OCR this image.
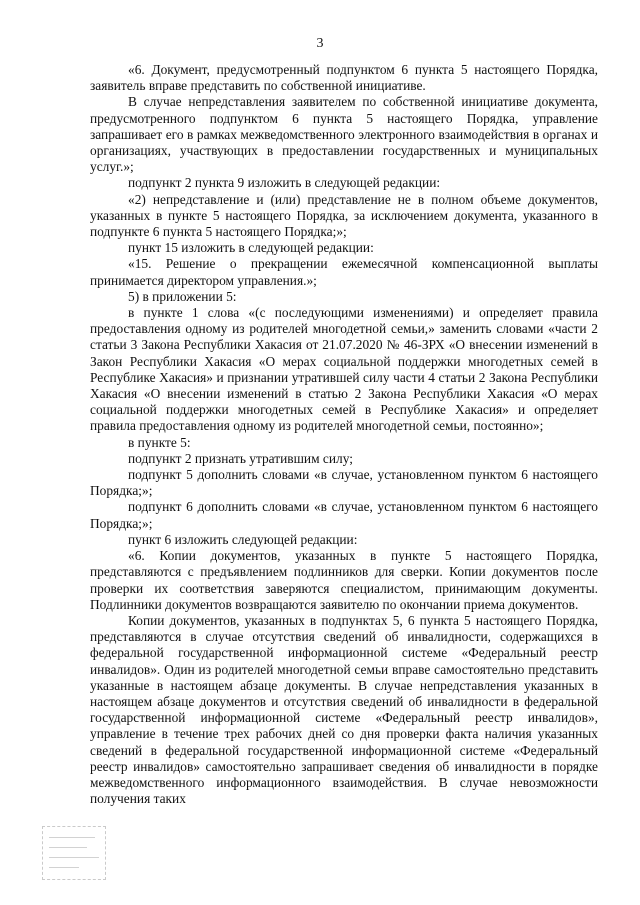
3

«6. Документ, предусмотренный подпунктом 6 пункта 5 настоящего Порядка, заявитель вправе представить по собственной инициативе.

В случае непредставления заявителем по собственной инициативе документа, предусмотренного подпунктом 6 пункта 5 настоящего Порядка, управление запрашивает его в рамках межведомственного электронного взаимодействия в органах и организациях, участвующих в предоставлении государственных и муниципальных услуг.»;

подпункт 2 пункта 9 изложить в следующей редакции:

«2) непредставление и (или) представление не в полном объеме документов, указанных в пункте 5 настоящего Порядка, за исключением документа, указанного в подпункте 6 пункта 5 настоящего Порядка;»;

пункт 15 изложить в следующей редакции:

«15. Решение о прекращении ежемесячной компенсационной выплаты принимается директором управления.»;

5) в приложении 5:

в пункте 1 слова «(с последующими изменениями) и определяет правила предоставления одному из родителей многодетной семьи,» заменить словами «части 2 статьи 3 Закона Республики Хакасия от 21.07.2020 № 46-ЗРХ «О внесении изменений в Закон Республики Хакасия «О мерах социальной поддержки многодетных семей в Республике Хакасия» и признании утратившей силу части 4 статьи 2 Закона Республики Хакасия «О внесении изменений в статью 2 Закона Республики Хакасия «О мерах социальной поддержки многодетных семей в Республике Хакасия» и определяет правила предоставления одному из родителей многодетной семьи, постоянно»;

в пункте 5:

подпункт 2 признать утратившим силу;

подпункт 5 дополнить словами «в случае, установленном пунктом 6 настоящего Порядка;»;

подпункт 6 дополнить словами «в случае, установленном пунктом 6 настоящего Порядка;»;

пункт 6 изложить следующей редакции:

«6. Копии документов, указанных в пункте 5 настоящего Порядка, представляются с предъявлением подлинников для сверки. Копии документов после проверки их соответствия заверяются специалистом, принимающим документы. Подлинники документов возвращаются заявителю по окончании приема документов.

Копии документов, указанных в подпунктах 5, 6 пункта 5 настоящего Порядка, представляются в случае отсутствия сведений об инвалидности, содержащихся в федеральной государственной информационной системе «Федеральный реестр инвалидов». Один из родителей многодетной семьи вправе самостоятельно представить указанные в настоящем абзаце документы. В случае непредставления указанных в настоящем абзаце документов и отсутствия сведений об инвалидности в федеральной государственной информационной системе «Федеральный реестр инвалидов», управление в течение трех рабочих дней со дня проверки факта наличия указанных сведений в федеральной государственной информационной системе «Федеральный реестр инвалидов» самостоятельно запрашивает сведения об инвалидности в порядке межведомственного информационного взаимодействия. В случае невозможности получения таких
